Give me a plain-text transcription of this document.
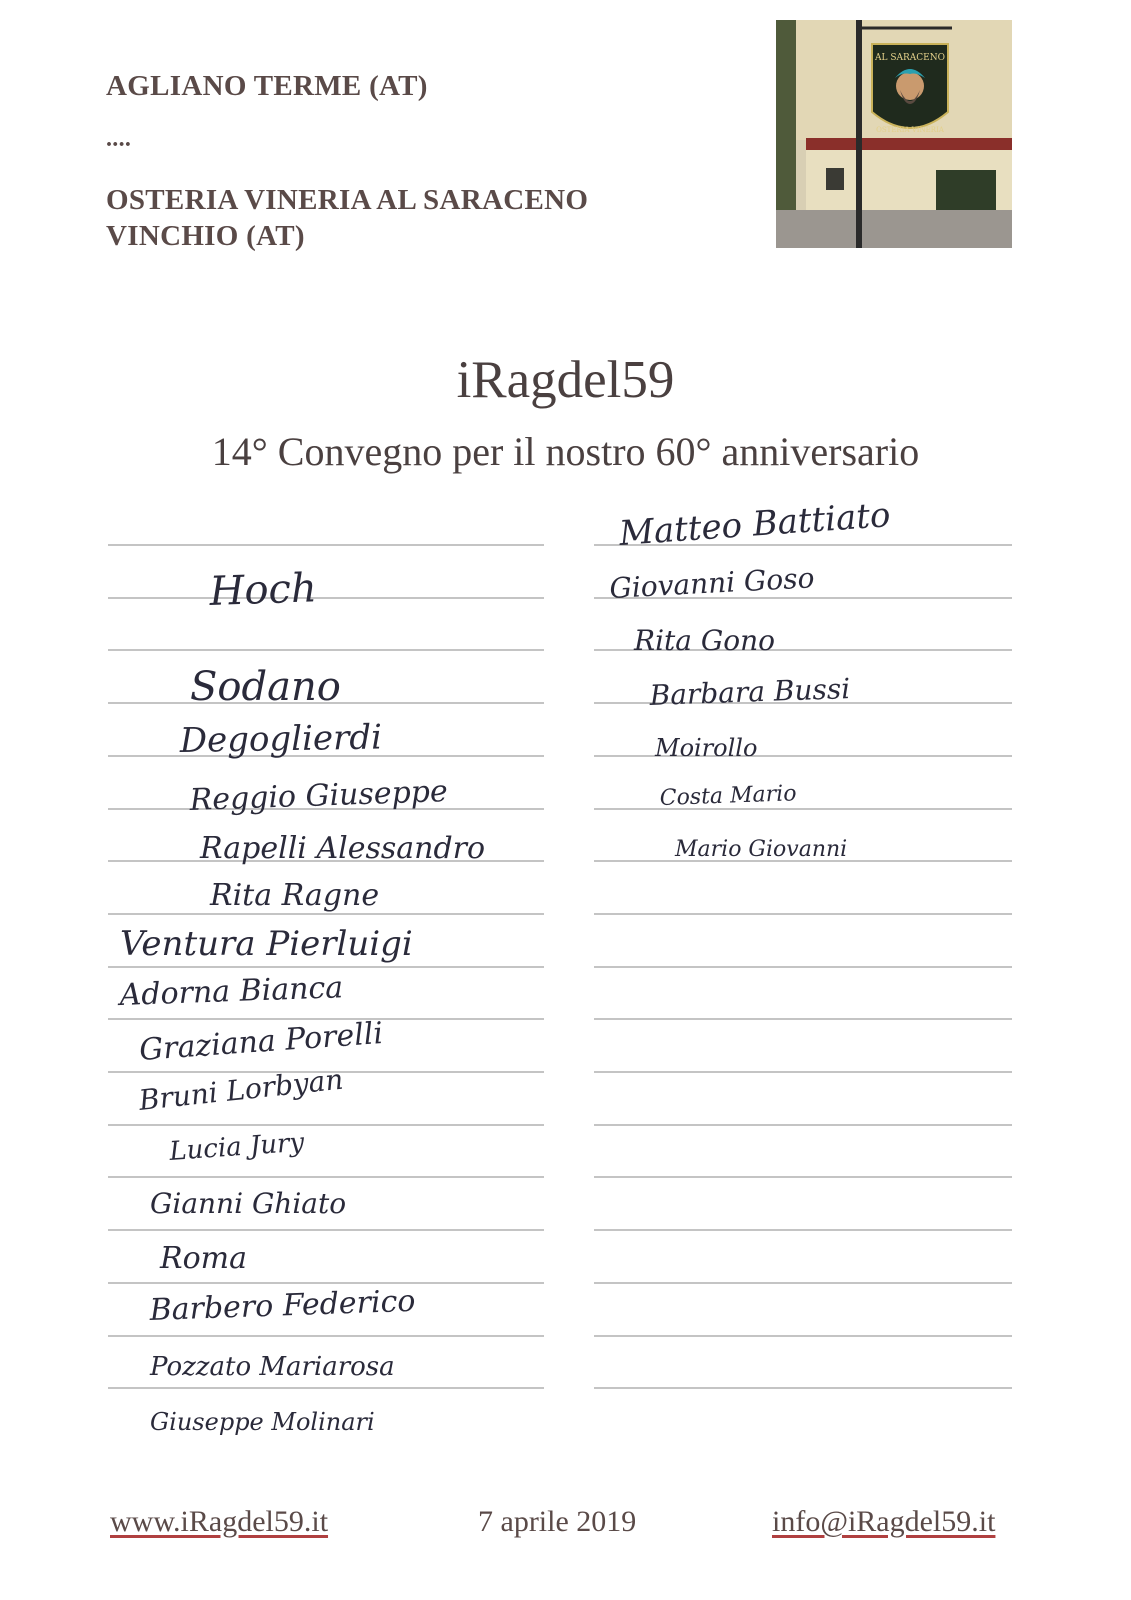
AGLIANO TERME (AT)
....
OSTERIA VINERIA AL SARACENO
VINCHIO (AT)
AL SARACENO
OSTERIA VINERIA
iRagdel59
14° Convegno per il nostro 60° anniversario
Hoch
Sodano
Degoglierdi
Reggio Giuseppe
Rapelli Alessandro
Rita Ragne
Ventura Pierluigi
Adorna Bianca
Graziana Porelli
Bruni Lorbyan
Lucia Jury
Gianni Ghiato
Roma
Barbero Federico
Pozzato Mariarosa
Giuseppe Molinari
Matteo Battiato
Giovanni Goso
Rita Gono
Barbara Bussi
Moirollo
Costa Mario
Mario Giovanni
www.iRagdel59.it	7 aprile 2019	info@iRagdel59.it
